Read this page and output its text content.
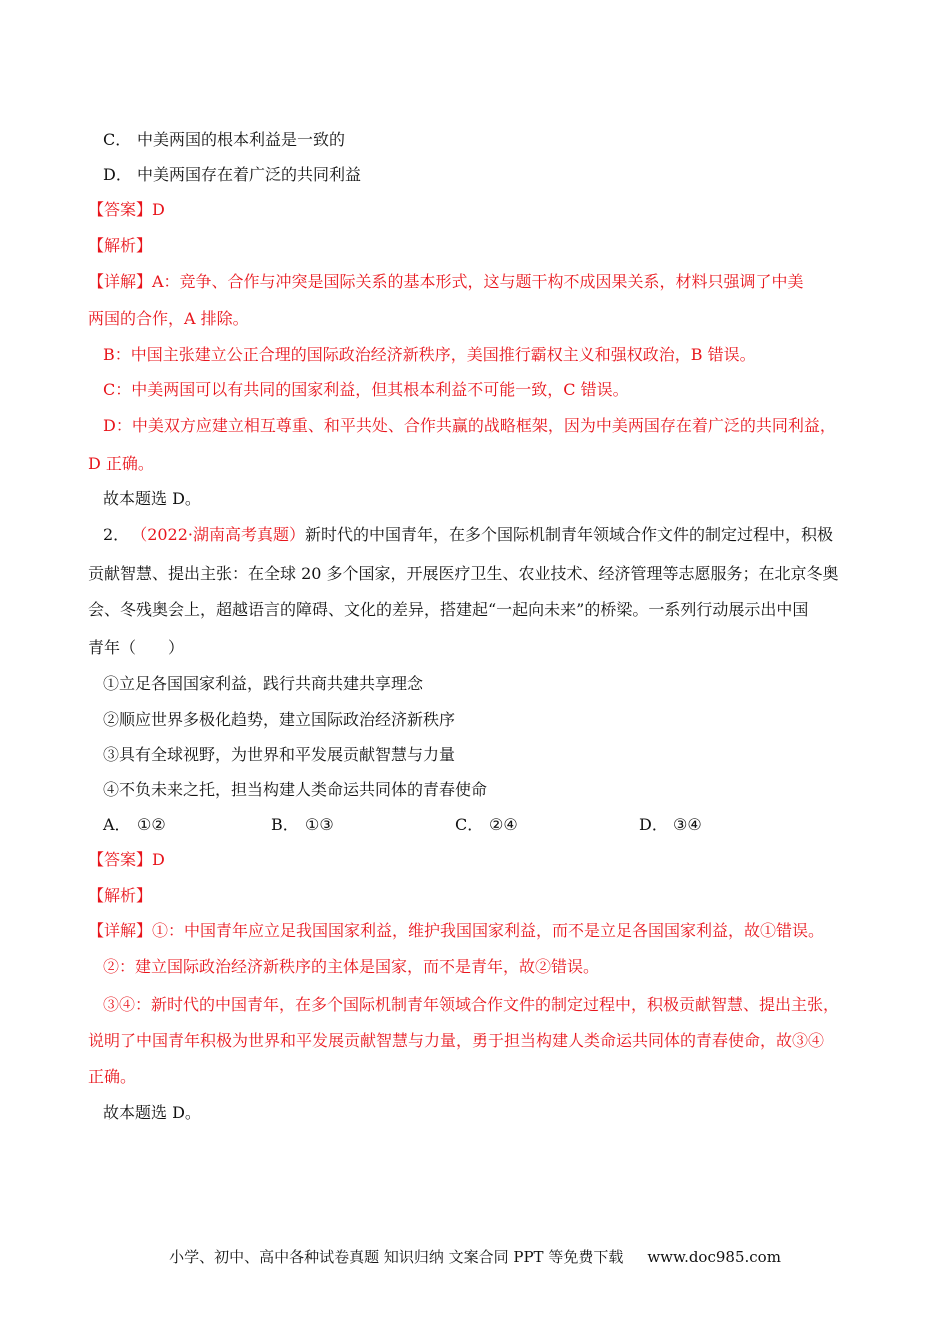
C． 中美两国的根本利益是一致的
D． 中美两国存在着广泛的共同利益
【答案】D
【解析】
【详解】A：竞争、合作与冲突是国际关系的基本形式，这与题干构不成因果关系，材料只强调了中美
两国的合作，A 排除。
B：中国主张建立公正合理的国际政治经济新秩序，美国推行霸权主义和强权政治，B 错误。
C：中美两国可以有共同的国家利益，但其根本利益不可能一致，C 错误。
D：中美双方应建立相互尊重、和平共处、合作共赢的战略框架，因为中美两国存在着广泛的共同利益，
D 正确。
故本题选 D。
2． （2022·湖南高考真题）新时代的中国青年，在多个国际机制青年领域合作文件的制定过程中，积极
贡献智慧、提出主张：在全球 20 多个国家，开展医疗卫生、农业技术、经济管理等志愿服务；在北京冬奥
会、冬残奥会上，超越语言的障碍、文化的差异，搭建起“一起向未来”的桥梁。一系列行动展示出中国
青年（　　）
①立足各国国家利益，践行共商共建共享理念
②顺应世界多极化趋势，建立国际政治经济新秩序
③具有全球视野，为世界和平发展贡献智慧与力量
④不负未来之托，担当构建人类命运共同体的青春使命
A． ①②	B． ①③	C． ②④	D． ③④
【答案】D
【解析】
【详解】①：中国青年应立足我国国家利益，维护我国国家利益，而不是立足各国国家利益，故①错误。
②：建立国际政治经济新秩序的主体是国家，而不是青年，故②错误。
③④：新时代的中国青年，在多个国际机制青年领域合作文件的制定过程中，积极贡献智慧、提出主张，
说明了中国青年积极为世界和平发展贡献智慧与力量，勇于担当构建人类命运共同体的青春使命，故③④
正确。
故本题选 D。
小学、初中、高中各种试卷真题 知识归纳 文案合同 PPT 等免费下载 www.doc985.com
